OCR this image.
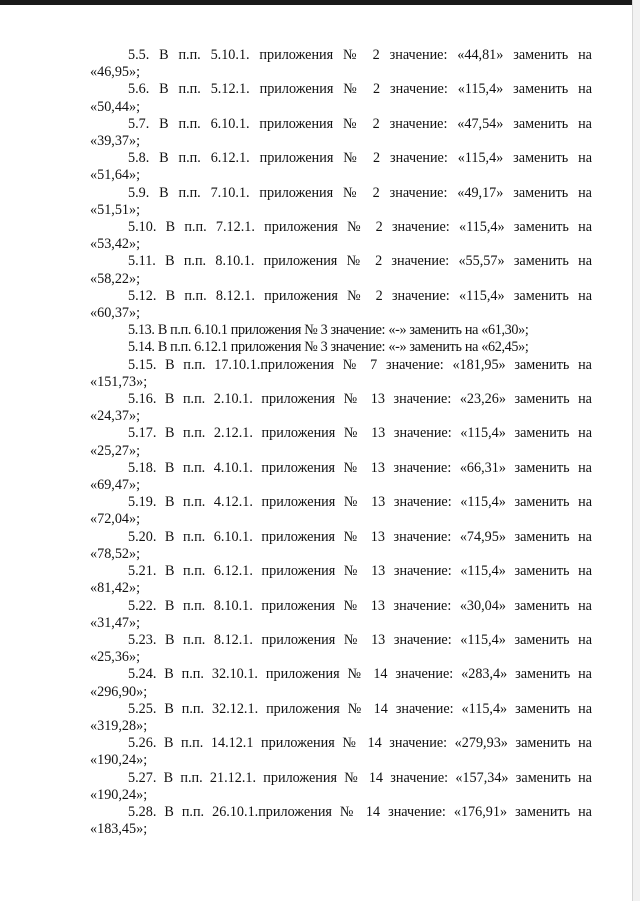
5.5. В п.п. 5.10.1. приложения № 2 значение: «44,81» заменить на
«46,95»;
5.6. В п.п. 5.12.1. приложения № 2 значение: «115,4» заменить на
«50,44»;
5.7. В п.п. 6.10.1. приложения № 2 значение: «47,54» заменить на
«39,37»;
5.8. В п.п. 6.12.1. приложения № 2 значение: «115,4» заменить на
«51,64»;
5.9. В п.п. 7.10.1. приложения № 2 значение: «49,17» заменить на
«51,51»;
5.10. В п.п. 7.12.1. приложения № 2 значение: «115,4» заменить на
«53,42»;
5.11. В п.п. 8.10.1. приложения № 2 значение: «55,57» заменить на
«58,22»;
5.12. В п.п. 8.12.1. приложения № 2 значение: «115,4» заменить на
«60,37»;
5.13. В п.п. 6.10.1 приложения № 3 значение: «-» заменить на «61,30»;
5.14. В п.п. 6.12.1 приложения № 3 значение: «-» заменить на «62,45»;
5.15. В п.п. 17.10.1.приложения № 7 значение: «181,95» заменить на
«151,73»;
5.16. В п.п. 2.10.1. приложения № 13 значение: «23,26» заменить на
«24,37»;
5.17. В п.п. 2.12.1. приложения № 13 значение: «115,4» заменить на
«25,27»;
5.18. В п.п. 4.10.1. приложения № 13 значение: «66,31» заменить на
«69,47»;
5.19. В п.п. 4.12.1. приложения № 13 значение: «115,4» заменить на
«72,04»;
5.20. В п.п. 6.10.1. приложения № 13 значение: «74,95» заменить на
«78,52»;
5.21. В п.п. 6.12.1. приложения № 13 значение: «115,4» заменить на
«81,42»;
5.22. В п.п. 8.10.1. приложения № 13 значение: «30,04» заменить на
«31,47»;
5.23. В п.п. 8.12.1. приложения № 13 значение: «115,4» заменить на
«25,36»;
5.24. В п.п. 32.10.1. приложения № 14 значение: «283,4» заменить на
«296,90»;
5.25. В п.п. 32.12.1. приложения № 14 значение: «115,4» заменить на
«319,28»;
5.26. В п.п. 14.12.1 приложения № 14 значение: «279,93» заменить на
«190,24»;
5.27. В п.п. 21.12.1. приложения № 14 значение: «157,34» заменить на
«190,24»;
5.28. В п.п. 26.10.1.приложения № 14 значение: «176,91» заменить на
«183,45»;
